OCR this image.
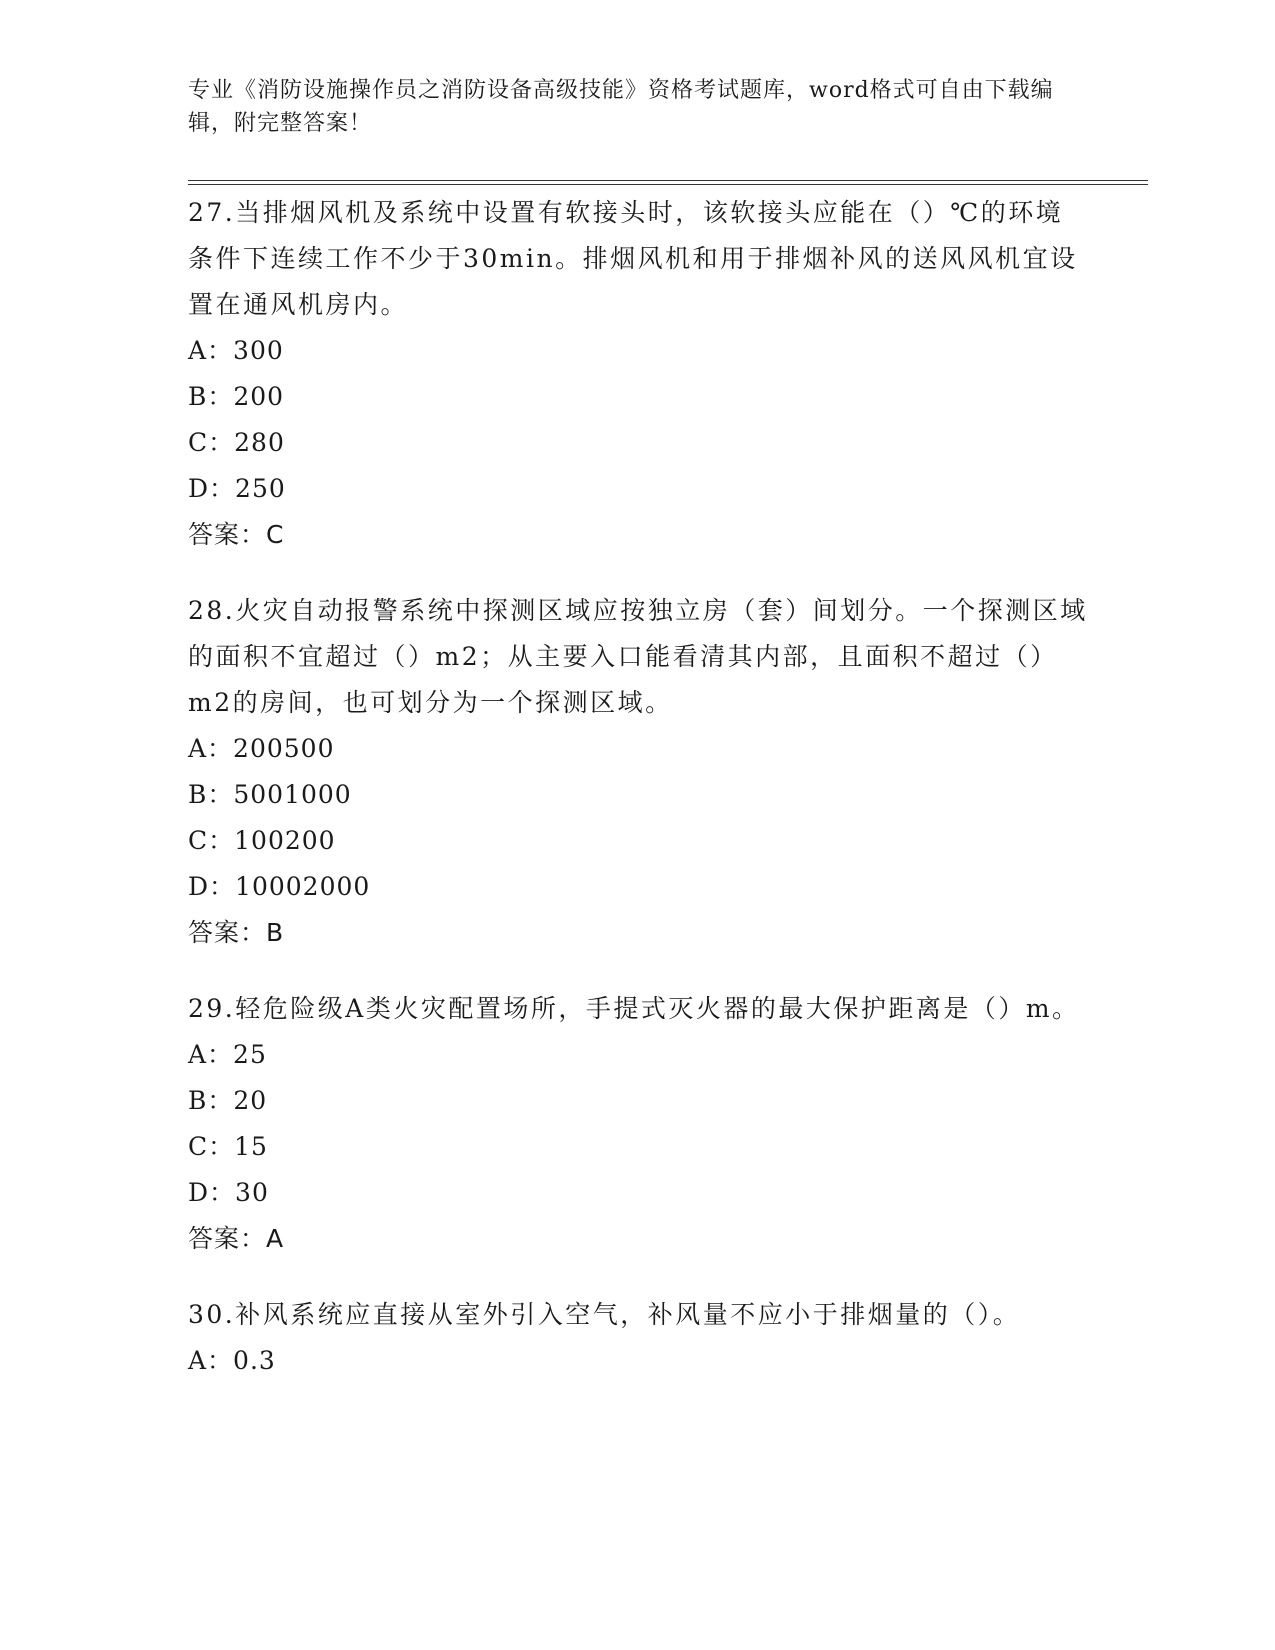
专业《消防设施操作员之消防设备高级技能》资格考试题库，word格式可自由下载编辑，附完整答案！
27.当排烟风机及系统中设置有软接头时，该软接头应能在（）℃的环境条件下连续工作不少于30min。排烟风机和用于排烟补风的送风风机宜设置在通风机房内。
A：300
B：200
C：280
D：250
答案：C
28.火灾自动报警系统中探测区域应按独立房（套）间划分。一个探测区域的面积不宜超过（）m2；从主要入口能看清其内部，且面积不超过（）m2的房间，也可划分为一个探测区域。
A：200500
B：5001000
C：100200
D：10002000
答案：B
29.轻危险级A类火灾配置场所，手提式灭火器的最大保护距离是（）m。
A：25
B：20
C：15
D：30
答案：A
30.补风系统应直接从室外引入空气，补风量不应小于排烟量的（）。
A：0.3
